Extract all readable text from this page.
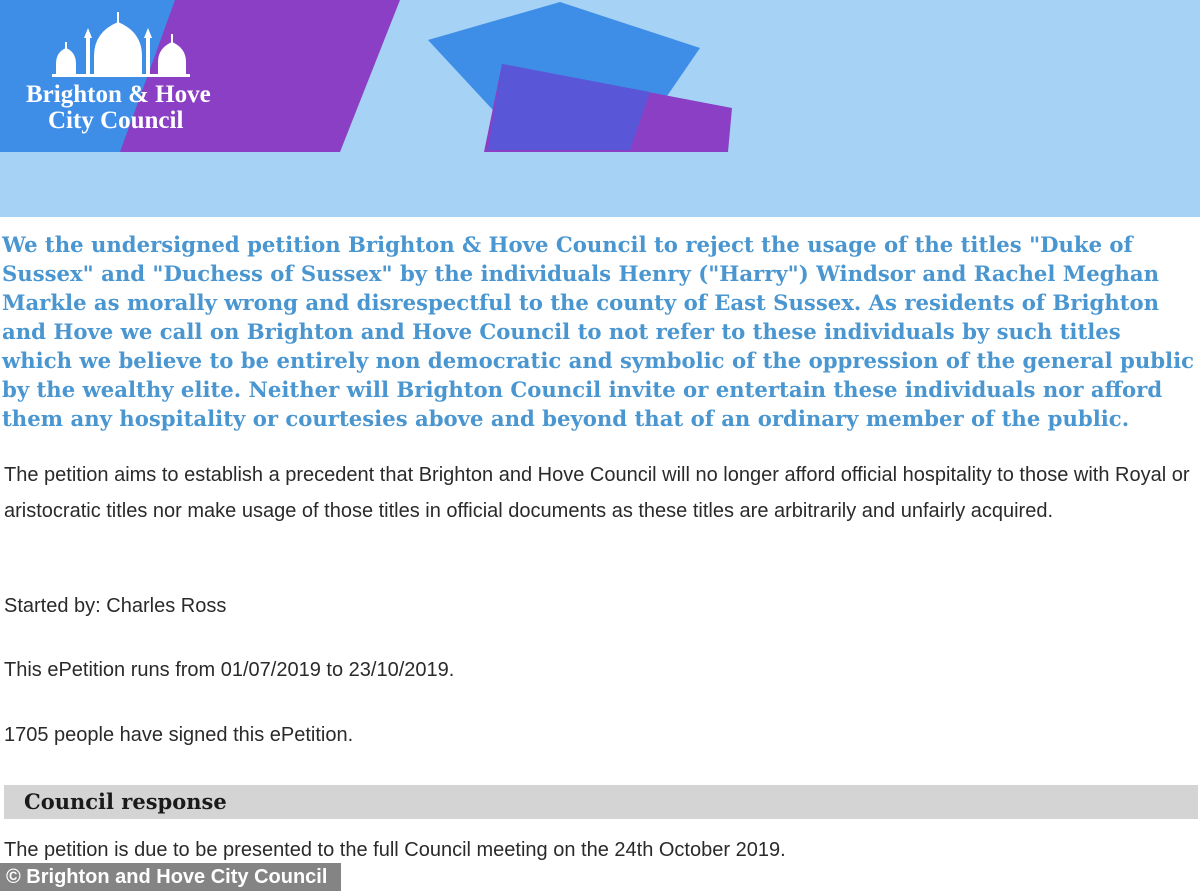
Brighton & Hove
City Council

We the undersigned petition Brighton & Hove Council to reject the usage of the titles "Duke of Sussex" and "Duchess of Sussex" by the individuals Henry ("Harry") Windsor and Rachel Meghan Markle as morally wrong and disrespectful to the county of East Sussex. As residents of Brighton and Hove we call on Brighton and Hove Council to not refer to these individuals by such titles which we believe to be entirely non democratic and symbolic of the oppression of the general public by the wealthy elite. Neither will Brighton Council invite or entertain these individuals nor afford them any hospitality or courtesies above and beyond that of an ordinary member of the public.

The petition aims to establish a precedent that Brighton and Hove Council will no longer afford official hospitality to those with Royal or aristocratic titles nor make usage of those titles in official documents as these titles are arbitrarily and unfairly acquired.

Started by: Charles Ross

This ePetition runs from 01/07/2019 to 23/10/2019.

1705 people have signed this ePetition.

Council response

The petition is due to be presented to the full Council meeting on the 24th October 2019.

© Brighton and Hove City Council
